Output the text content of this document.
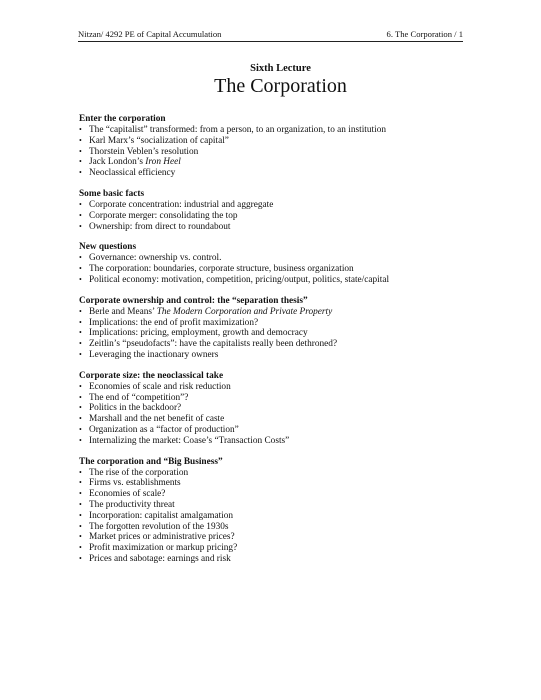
Nitzan/ 4292 PE of Capital Accumulation	6. The Corporation / 1
Sixth Lecture
The Corporation
Enter the corporation
• The “capitalist” transformed: from a person, to an organization, to an institution
• Karl Marx’s “socialization of capital”
• Thorstein Veblen’s resolution
• Jack London’s Iron Heel
• Neoclassical efficiency
Some basic facts
• Corporate concentration: industrial and aggregate
• Corporate merger: consolidating the top
• Ownership: from direct to roundabout
New questions
• Governance: ownership vs. control.
• The corporation: boundaries, corporate structure, business organization
• Political economy: motivation, competition, pricing/output, politics, state/capital
Corporate ownership and control: the “separation thesis”
• Berle and Means’ The Modern Corporation and Private Property
• Implications: the end of profit maximization?
• Implications: pricing, employment, growth and democracy
• Zeitlin’s “pseudofacts”: have the capitalists really been dethroned?
• Leveraging the inactionary owners
Corporate size: the neoclassical take
• Economies of scale and risk reduction
• The end of “competition”?
• Politics in the backdoor?
• Marshall and the net benefit of caste
• Organization as a “factor of production”
• Internalizing the market: Coase’s “Transaction Costs”
The corporation and “Big Business”
• The rise of the corporation
• Firms vs. establishments
• Economies of scale?
• The productivity threat
• Incorporation: capitalist amalgamation
• The forgotten revolution of the 1930s
• Market prices or administrative prices?
• Profit maximization or markup pricing?
• Prices and sabotage: earnings and risk
